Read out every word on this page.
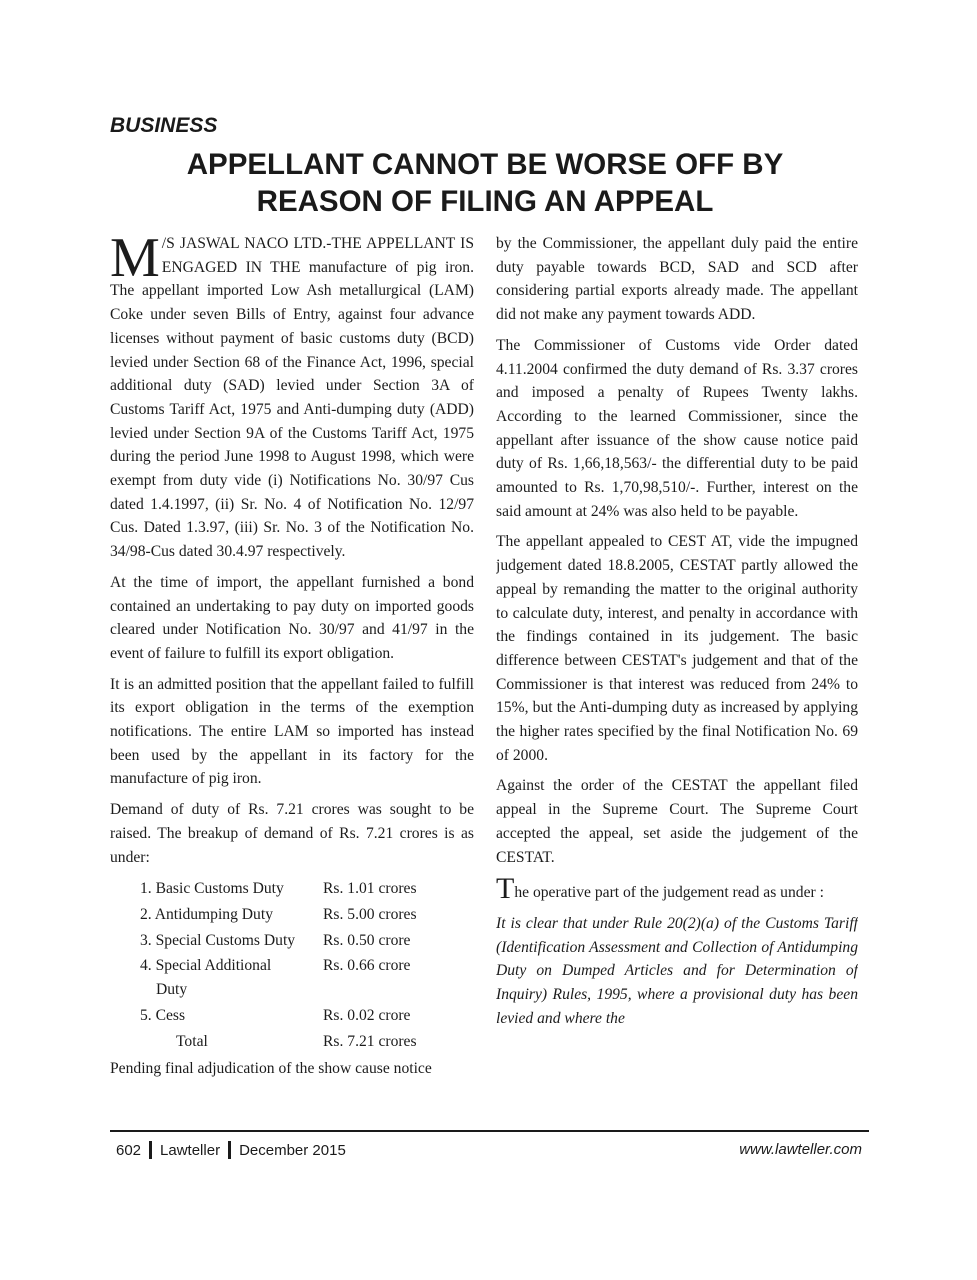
BUSINESS
APPELLANT CANNOT BE WORSE OFF BY REASON OF FILING AN APPEAL

M /S JASWAL NACO LTD.-THE APPELLANT IS ENGAGED IN THE manufacture of pig iron. The appellant imported Low Ash metallurgical (LAM) Coke under seven Bills of Entry, against four advance licenses without payment of basic customs duty (BCD) levied under Section 68 of the Finance Act, 1996, special additional duty (SAD) levied under Section 3A of Customs Tariff Act, 1975 and Anti-dumping duty (ADD) levied under Section 9A of the Customs Tariff Act, 1975 during the period June 1998 to August 1998, which were exempt from duty vide (i) Notifications No. 30/97 Cus dated 1.4.1997, (ii) Sr. No. 4 of Notification No. 12/97 Cus. Dated 1.3.97, (iii) Sr. No. 3 of the Notification No. 34/98-Cus dated 30.4.97 respectively.

At the time of import, the appellant furnished a bond contained an undertaking to pay duty on imported goods cleared under Notification No. 30/97 and 41/97 in the event of failure to fulfill its export obligation.

It is an admitted position that the appellant failed to fulfill its export obligation in the terms of the exemption notifications. The entire LAM so imported has instead been used by the appellant in its factory for the manufacture of pig iron.

Demand of duty of Rs. 7.21 crores was sought to be raised. The breakup of demand of Rs. 7.21 crores is as under:

1. Basic Customs Duty	Rs. 1.01 crores
2. Antidumping Duty	Rs. 5.00 crores
3. Special Customs Duty	Rs. 0.50 crore
4. Special Additional

Duty	Rs. 0.66 crore
5. Cess	Rs. 0.02 crore
Total	Rs. 7.21 crores

Pending final adjudication of the show cause notice

by the Commissioner, the appellant duly paid the entire duty payable towards BCD, SAD and SCD after considering partial exports already made. The appellant did not make any payment towards ADD.

The Commissioner of Customs vide Order dated 4.11.2004 confirmed the duty demand of Rs. 3.37 crores and imposed a penalty of Rupees Twenty lakhs. According to the learned Commissioner, since the appellant after issuance of the show cause notice paid duty of Rs. 1,66,18,563/- the differential duty to be paid amounted to Rs. 1,70,98,510/-. Further, interest on the said amount at 24% was also held to be payable.

The appellant appealed to CEST AT, vide the impugned judgement dated 18.8.2005, CESTAT partly allowed the appeal by remanding the matter to the original authority to calculate duty, interest, and penalty in accordance with the findings contained in its judgement. The basic difference between CESTAT's judgement and that of the Commissioner is that interest was reduced from 24% to 15%, but the Anti-dumping duty as increased by applying the higher rates specified by the final Notification No. 69 of 2000.

Against the order of the CESTAT the appellant filed appeal in the Supreme Court. The Supreme Court accepted the appeal, set aside the judgement of the CESTAT.

The operative part of the judgement read as under :

It is clear that under Rule 20(2)(a) of the Customs Tariff (Identification Assessment and Collection of Antidumping Duty on Dumped Articles and for Determination of Inquiry) Rules, 1995, where a provisional duty has been levied and where the

602 Lawteller December 2015	www.lawteller.com
